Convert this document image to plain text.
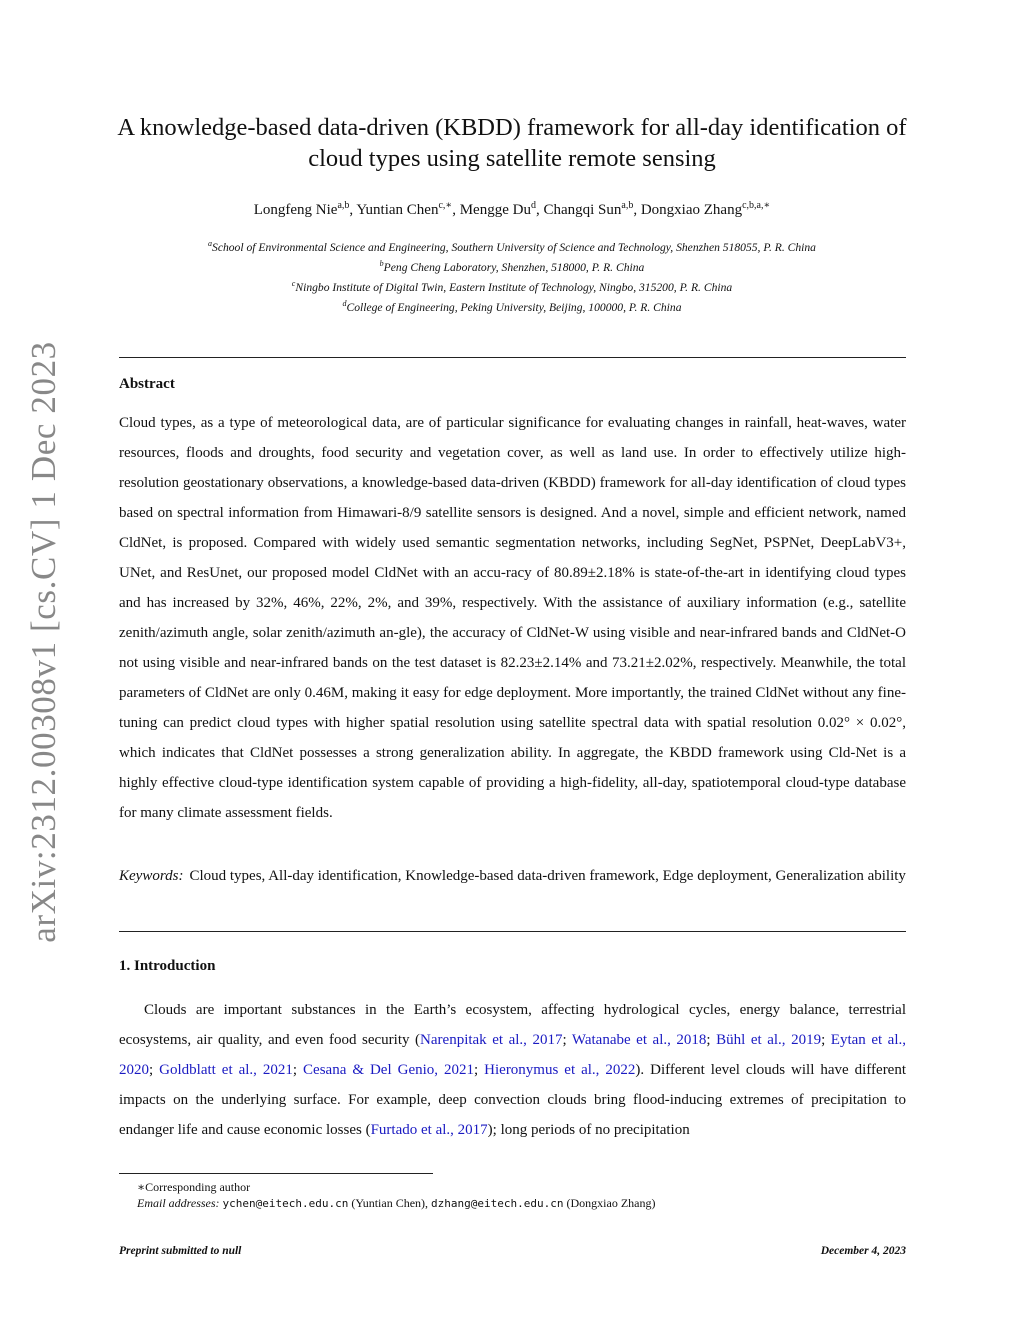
arXiv:2312.00308v1 [cs.CV] 1 Dec 2023
A knowledge-based data-driven (KBDD) framework for all-day identification of
cloud types using satellite remote sensing
Longfeng Nie$^{a,b}$, Yuntian Chen$^{c,∗}$, Mengge Du$^d$, Changqi Sun$^{a,b}$, Dongxiao Zhang$^{c,b,a,∗}$
$^a$School of Environmental Science and Engineering, Southern University of Science and Technology, Shenzhen 518055, P. R. China
$^b$Peng Cheng Laboratory, Shenzhen, 518000, P. R. China
$^c$Ningbo Institute of Digital Twin, Eastern Institute of Technology, Ningbo, 315200, P. R. China
$^d$College of Engineering, Peking University, Beijing, 100000, P. R. China
Abstract

Cloud types, as a type of meteorological data, are of particular significance for evaluating changes in rainfall, heat-waves, water resources, floods and droughts, food security and vegetation cover, as well as land use. In order to effectively utilize high-resolution geostationary observations, a knowledge-based data-driven (KBDD) framework for all-day identification of cloud types based on spectral information from Himawari-8/9 satellite sensors is designed. And a novel, simple and efficient network, named CldNet, is proposed. Compared with widely used semantic segmentation networks, including SegNet, PSPNet, DeepLabV3+, UNet, and ResUnet, our proposed model CldNet with an accu-racy of 80.89±2.18% is state-of-the-art in identifying cloud types and has increased by 32%, 46%, 22%, 2%, and 39%, respectively. With the assistance of auxiliary information (e.g., satellite zenith/azimuth angle, solar zenith/azimuth an-gle), the accuracy of CldNet-W using visible and near-infrared bands and CldNet-O not using visible and near-infrared bands on the test dataset is 82.23±2.14% and 73.21±2.02%, respectively. Meanwhile, the total parameters of CldNet are only 0.46M, making it easy for edge deployment. More importantly, the trained CldNet without any fine-tuning can predict cloud types with higher spatial resolution using satellite spectral data with spatial resolution 0.02° × 0.02°, which indicates that CldNet possesses a strong generalization ability. In aggregate, the KBDD framework using Cld-Net is a highly effective cloud-type identification system capable of providing a high-fidelity, all-day, spatiotemporal cloud-type database for many climate assessment fields.

Keywords: Cloud types, All-day identification, Knowledge-based data-driven framework, Edge deployment, Generalization ability

1. Introduction

Clouds are important substances in the Earth’s ecosystem, affecting hydrological cycles, energy balance, terrestrial ecosystems, air quality, and even food security (Narenpitak et al., 2017; Watanabe et al., 2018; Bühl et al., 2019; Eytan et al., 2020; Goldblatt et al., 2021; Cesana & Del Genio, 2021; Hieronymus et al., 2022). Different level clouds will have different impacts on the underlying surface. For example, deep convection clouds bring flood-inducing extremes of precipitation to endanger life and cause economic losses (Furtado et al., 2017); long periods of no precipitation

∗Corresponding author
Email addresses: ychen@eitech.edu.cn (Yuntian Chen), dzhang@eitech.edu.cn (Dongxiao Zhang)
Preprint submitted to null	December 4, 2023
